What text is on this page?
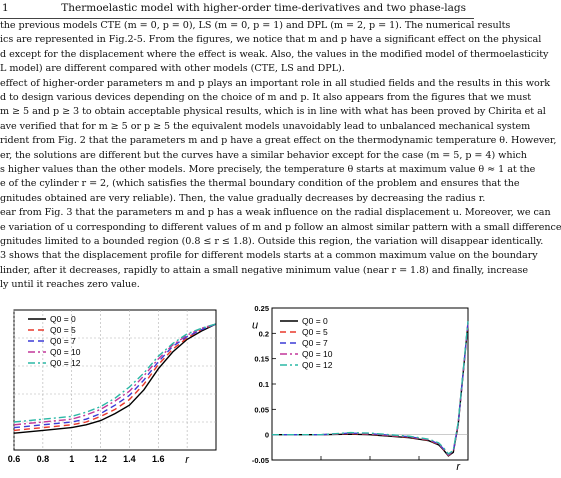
1	Thermoelastic model with higher-order time-derivatives and two phase-lags
the previous models CTE (m = 0, p = 0), LS (m = 0, p = 1) and DPL (m = 2, p = 1). The numerical results
ics are represented in Fig.2-5. From the figures, we notice that m and p have a significant effect on the physical
d except for the displacement where the effect is weak. Also, the values in the modified model of thermoelasticity
L model) are different compared with other models (CTE, LS and DPL).
effect of higher-order parameters m and p plays an important role in all studied fields and the results in this work
d to design various devices depending on the choice of m and p. It also appears from the figures that we must
m ≥ 5 and p ≥ 3 to obtain acceptable physical results, which is in line with what has been proved by Chirita et al
ave verified that for m ≥ 5 or p ≥ 5 the equivalent models unavoidably lead to unbalanced mechanical system
rident from Fig. 2 that the parameters m and p have a great effect on the thermodynamic temperature θ. However,
er, the solutions are different but the curves have a similar behavior except for the case (m = 5, p = 4) which
s higher values than the other models. More precisely, the temperature θ starts at maximum value θ ≈ 1 at the
e of the cylinder r = 2, (which satisfies the thermal boundary condition of the problem and ensures that the
gnitudes obtained are very reliable). Then, the value gradually decreases by decreasing the radius r.
ear from Fig. 3 that the parameters m and p has a weak influence on the radial displacement u. Moreover, we can
e variation of u corresponding to different values of m and p follow an almost similar pattern with a small difference
gnitudes limited to a bounded region (0.8 ≤ r ≤ 1.8). Outside this region, the variation will disappear identically.
3 shows that the displacement profile for different models starts at a common maximum value on the boundary
linder, after it decreases, rapidly to attain a small negative minimum value (near r = 1.8) and finally, increase
ly until it reaches zero value.
0.6 0.8 1 1.2 1.4 1.6 r
Q0 = 0
Q0 = 5
Q0 = 7
Q0 = 10
Q0 = 12
-0.05
0
0.05
0.1
0.15
0.2
0.25
u
r
Q0 = 0
Q0 = 5
Q0 = 7
Q0 = 10
Q0 = 12
